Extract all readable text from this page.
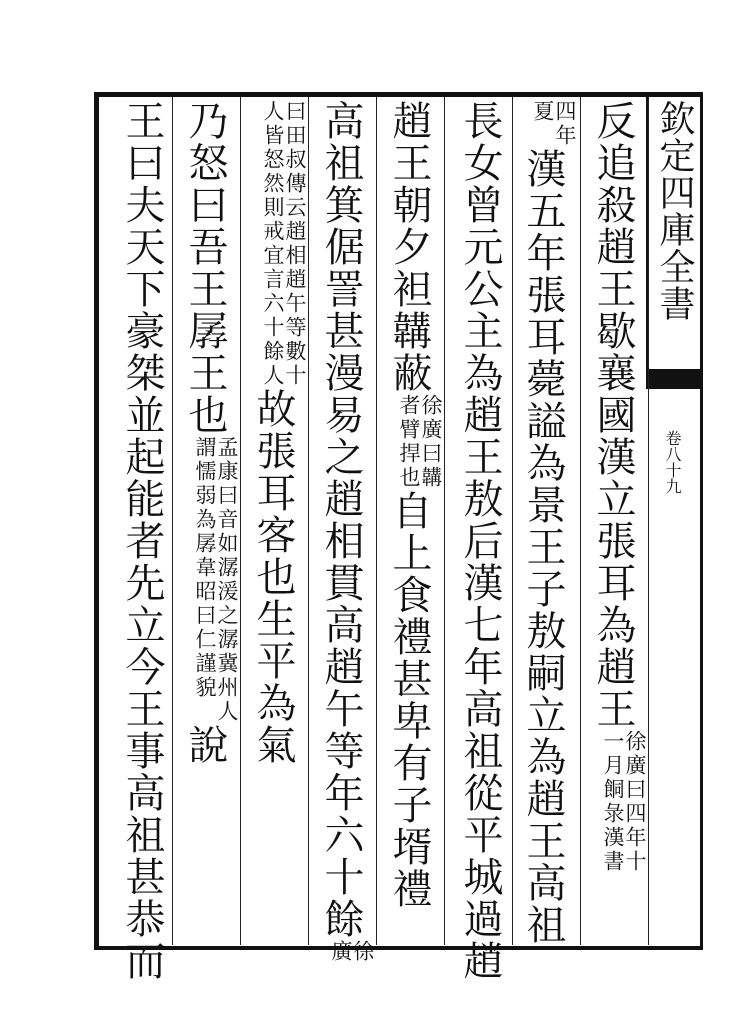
欽定四庫全書
卷八十九
反追殺趙王歇襄國漢立張耳為趙王
徐廣曰四年十
一月餇彔漢書
四年
夏
漢五年張耳薨謚為景王子敖嗣立為趙王高祖
長女曾元公主為趙王敖后漢七年高祖從平城過趙
趙王朝夕袒韝蔽
徐廣曰韝
者臂捍也
自上食禮甚卑有子壻禮
高祖箕倨詈甚漫易之趙相貫高趙午等年六十餘
徐
廣
曰田叔傳云趙相趙午等數十
人皆怒然則戒宜言六十餘人
故張耳客也生平為氣
乃怒曰吾王孱王也
孟康曰音如潺湲之潺冀州人
謂懦弱為孱韋昭曰仁謹貌
說
王曰夫天下豪桀並起能者先立今王事高祖甚恭而
